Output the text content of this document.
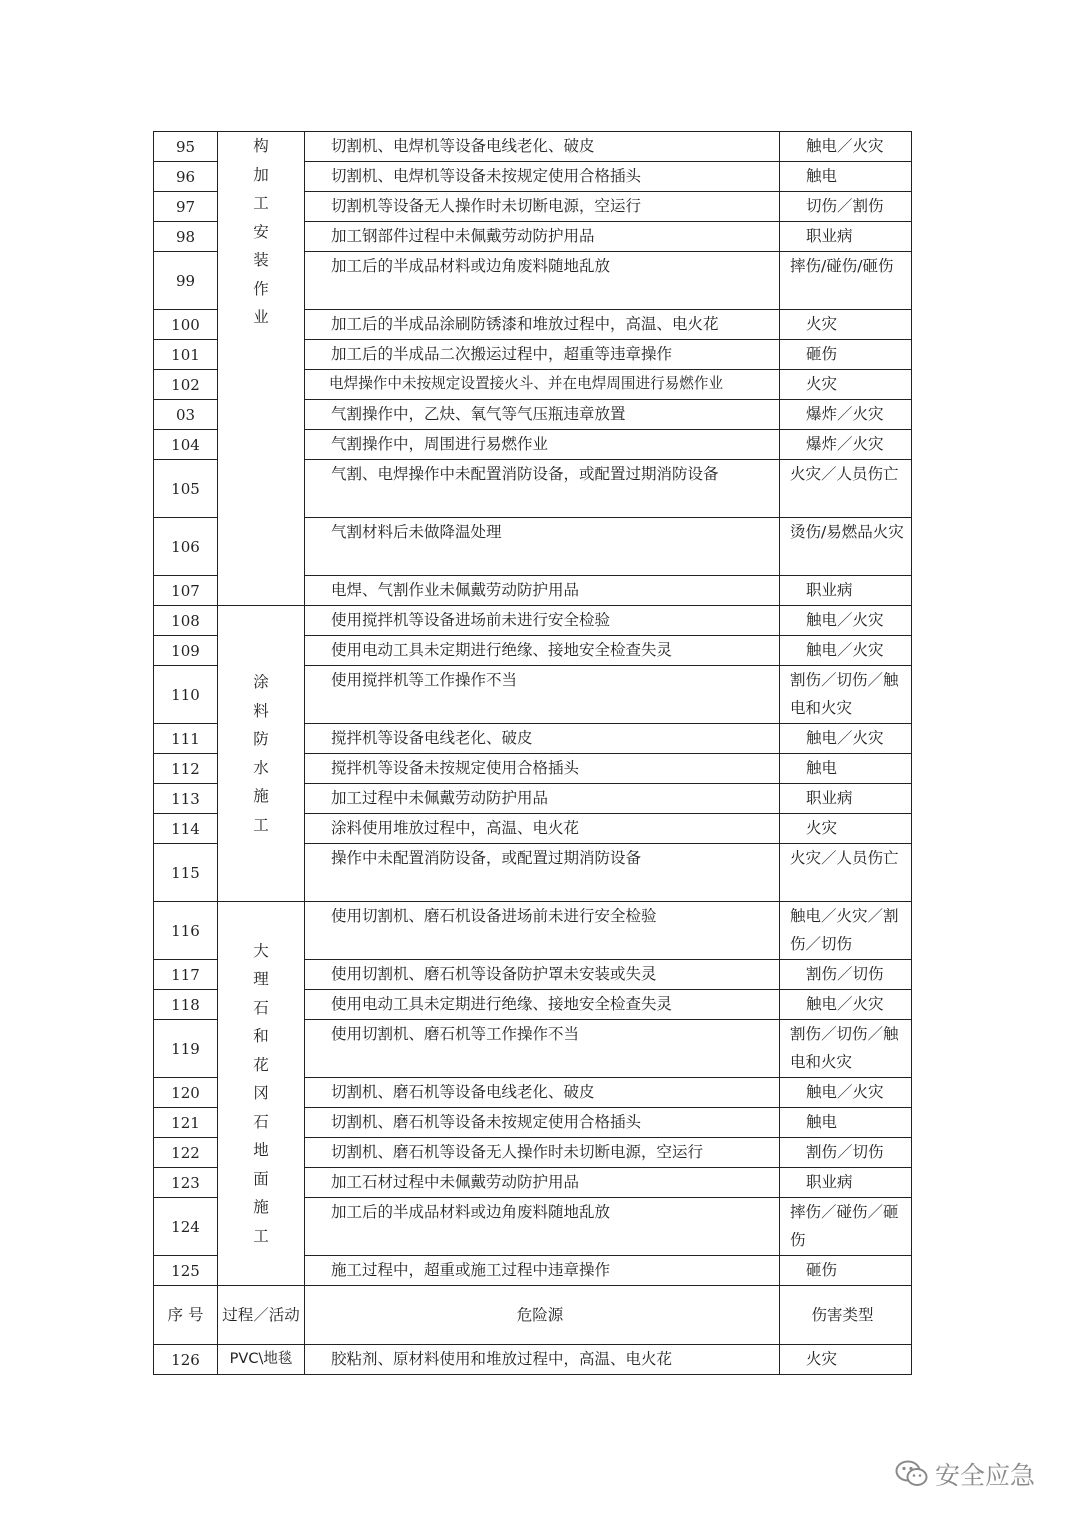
95	构加工安装作业	切割机、电焊机等设备电线老化、破皮	触电／火灾
96		切割机、电焊机等设备未按规定使用合格插头	触电
97		切割机等设备无人操作时未切断电源，空运行	切伤／割伤
98		加工钢部件过程中未佩戴劳动防护用品	职业病
99		加工后的半成品材料或边角废料随地乱放	摔伤/碰伤/砸伤
100		加工后的半成品涂刷防锈漆和堆放过程中，高温、电火花	火灾
101		加工后的半成品二次搬运过程中，超重等违章操作	砸伤
102		电焊操作中未按规定设置接火斗、并在电焊周围进行易燃作业	火灾
03		气割操作中，乙炔、氧气等气压瓶违章放置	爆炸／火灾
104		气割操作中，周围进行易燃作业	爆炸／火灾
105		气割、电焊操作中未配置消防设备，或配置过期消防设备	火灾／人员伤亡
106		气割材料后未做降温处理	烫伤/易燃品火灾
107		电焊、气割作业未佩戴劳动防护用品	职业病
108	涂料防水施工	使用搅拌机等设备进场前未进行安全检验	触电／火灾
109		使用电动工具未定期进行绝缘、接地安全检查失灵	触电／火灾
110		使用搅拌机等工作操作不当	割伤／切伤／触电和火灾
111		搅拌机等设备电线老化、破皮	触电／火灾
112		搅拌机等设备未按规定使用合格插头	触电
113		加工过程中未佩戴劳动防护用品	职业病
114		涂料使用堆放过程中，高温、电火花	火灾
115		操作中未配置消防设备，或配置过期消防设备	火灾／人员伤亡
116	大理石和花冈石地面施工	使用切割机、磨石机设备进场前未进行安全检验	触电／火灾／割伤／切伤
117		使用切割机、磨石机等设备防护罩未安装或失灵	割伤／切伤
118		使用电动工具未定期进行绝缘、接地安全检查失灵	触电／火灾
119		使用切割机、磨石机等工作操作不当	割伤／切伤／触电和火灾
120		切割机、磨石机等设备电线老化、破皮	触电／火灾
121		切割机、磨石机等设备未按规定使用合格插头	触电
122		切割机、磨石机等设备无人操作时未切断电源，空运行	割伤／切伤
123		加工石材过程中未佩戴劳动防护用品	职业病
124		加工后的半成品材料或边角废料随地乱放	摔伤／碰伤／砸伤
125		施工过程中，超重或施工过程中违章操作	砸伤
序 号	过程／活动	危险源	伤害类型
126	PVC\地毯	胶粘剂、原材料使用和堆放过程中，高温、电火花	火灾
安全应急
